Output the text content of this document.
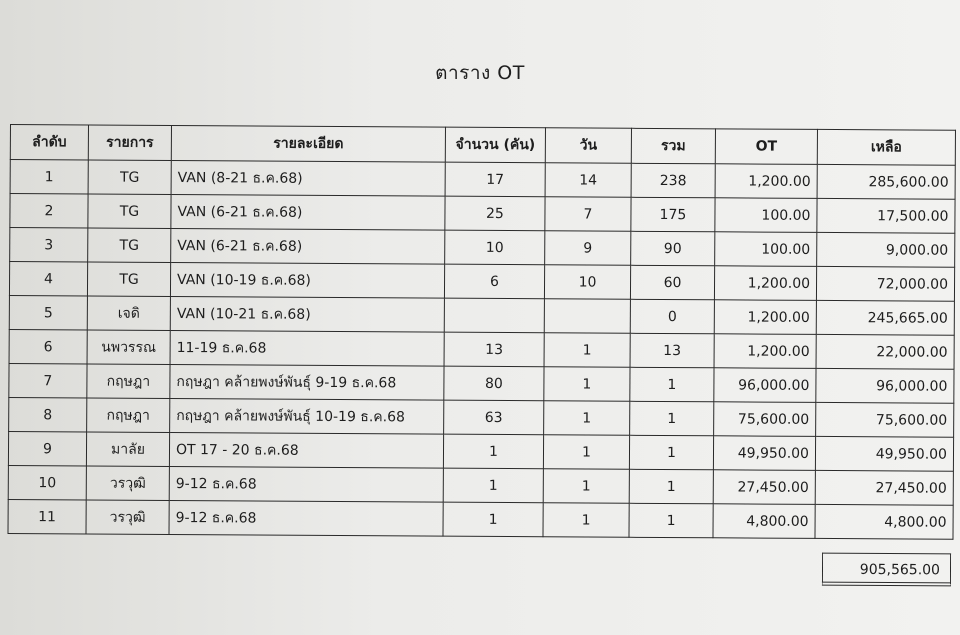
ตาราง OT
ลำดับ	รายการ	รายละเอียด	จำนวน (คัน)	วัน	รวม	OT	เหลือ
1	TG	VAN (8-21 ธ.ค.68)	17	14	238	1,200.00	285,600.00
2	TG	VAN (6-21 ธ.ค.68)	25	7	175	100.00	17,500.00
3	TG	VAN (6-21 ธ.ค.68)	10	9	90	100.00	9,000.00
4	TG	VAN (10-19 ธ.ค.68)	6	10	60	1,200.00	72,000.00
5	เจดิ	VAN (10-21 ธ.ค.68)			0	1,200.00	245,665.00
6	นพวรรณ	11-19 ธ.ค.68	13	1	13	1,200.00	22,000.00
7	กฤษฎา	กฤษฎา คล้ายพงษ์พันธุ์ 9-19 ธ.ค.68	80	1	1	96,000.00	96,000.00
8	กฤษฎา	กฤษฎา คล้ายพงษ์พันธุ์ 10-19 ธ.ค.68	63	1	1	75,600.00	75,600.00
9	มาลัย	OT 17 - 20 ธ.ค.68	1	1	1	49,950.00	49,950.00
10	วรวุฒิ	9-12 ธ.ค.68	1	1	1	27,450.00	27,450.00
11	วรวุฒิ	9-12 ธ.ค.68	1	1	1	4,800.00	4,800.00
905,565.00
